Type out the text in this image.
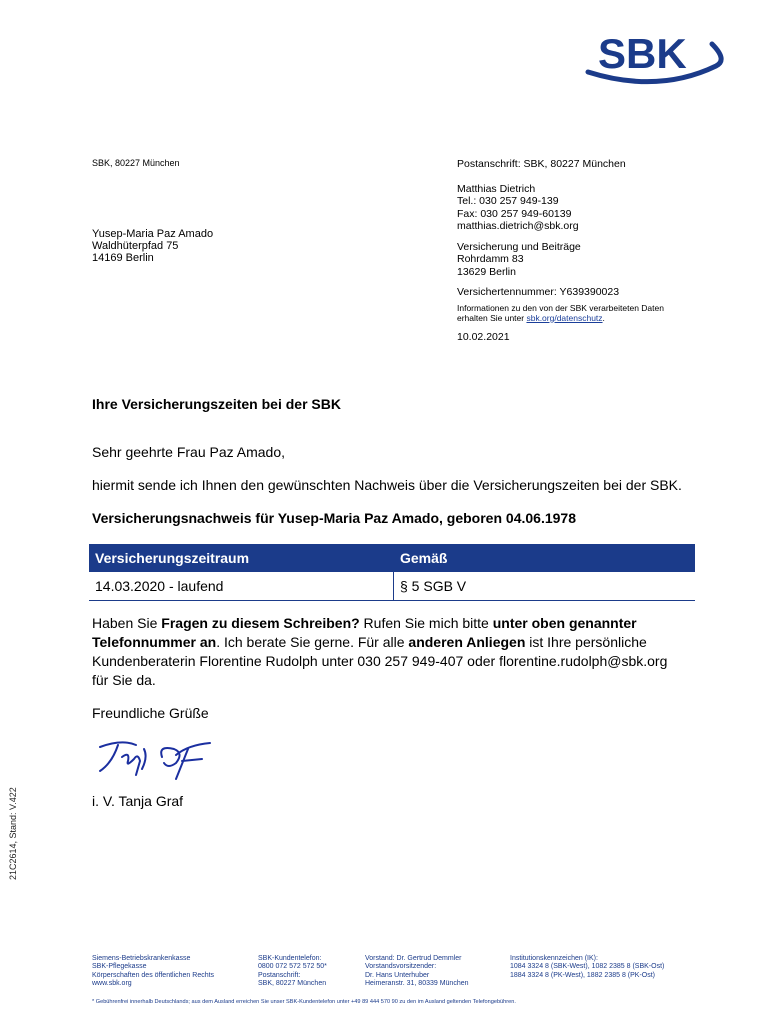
SBK
SBK, 80227 München
Yusep-Maria Paz Amado
Waldhüterpfad 75
14169 Berlin
Postanschrift: SBK, 80227 München
Matthias Dietrich
Tel.: 030 257 949-139
Fax: 030 257 949-60139
matthias.dietrich@sbk.org
Versicherung und Beiträge
Rohrdamm 83
13629 Berlin
Versichertennummer: Y639390023
Informationen zu den von der SBK verarbeiteten Daten
erhalten Sie unter sbk.org/datenschutz.
10.02.2021
Ihre Versicherungszeiten bei der SBK
Sehr geehrte Frau Paz Amado,
hiermit sende ich Ihnen den gewünschten Nachweis über die Versicherungszeiten bei der SBK.
Versicherungsnachweis für Yusep-Maria Paz Amado, geboren 04.06.1978
Versicherungszeitraum	Gemäß
14.03.2020 - laufend	§ 5 SGB V
Haben Sie Fragen zu diesem Schreiben? Rufen Sie mich bitte unter oben genannter Telefonnummer an. Ich berate Sie gerne. Für alle anderen Anliegen ist Ihre persönliche Kundenberaterin Florentine Rudolph unter 030 257 949-407 oder florentine.rudolph@sbk.org für Sie da.
Freundliche Grüße
i. V. Tanja Graf
21C2614, Stand: V.422
Siemens-Betriebskrankenkasse
SBK-Pflegekasse
Körperschaften des öffentlichen Rechts
www.sbk.org
SBK-Kundentelefon:
0800 072 572 572 50*
Postanschrift:
SBK, 80227 München
Vorstand: Dr. Gertrud Demmler
Vorstandsvorsitzender:
Dr. Hans Unterhuber
Heimeranstr. 31, 80339 München
Institutionskennzeichen (IK):
1084 3324 8 (SBK-West), 1082 2385 8 (SBK-Ost)
1884 3324 8 (PK-West), 1882 2385 8 (PK-Ost)
* Gebührenfrei innerhalb Deutschlands; aus dem Ausland erreichen Sie unser SBK-Kundentelefon unter +49 89 444 570 90 zu den im Ausland geltenden Telefongebühren.
